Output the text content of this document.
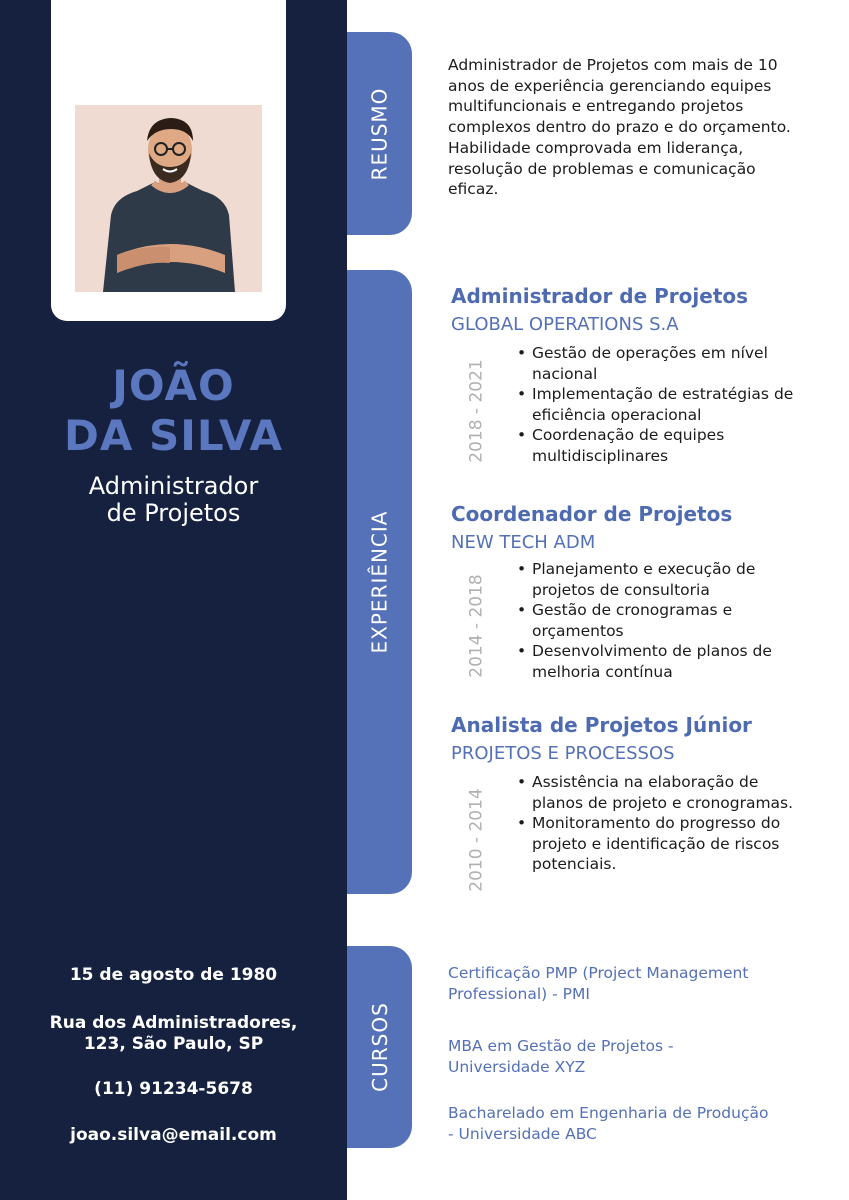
JOÃO
DA SILVA
Administrador
de Projetos
15 de agosto de 1980
Rua dos Administradores,
123, São Paulo, SP
(11) 91234-5678
joao.silva@email.com
REUSMO
EXPERIÊNCIA
CURSOS
Administrador de Projetos com mais de 10 anos de experiência gerenciando equipes multifuncionais e entregando projetos complexos dentro do prazo e do orçamento. Habilidade comprovada em liderança, resolução de problemas e comunicação eficaz.
Administrador de Projetos
GLOBAL OPERATIONS S.A
2018 - 2021
• Gestão de operações em nível nacional
• Implementação de estratégias de eficiência operacional
• Coordenação de equipes multidisciplinares
Coordenador de Projetos
NEW TECH ADM
2014 - 2018
• Planejamento e execução de projetos de consultoria
• Gestão de cronogramas e orçamentos
• Desenvolvimento de planos de melhoria contínua
Analista de Projetos Júnior
PROJETOS E PROCESSOS
2010 - 2014
• Assistência na elaboração de planos de projeto e cronogramas.
• Monitoramento do progresso do projeto e identificação de riscos potenciais.
Certificação PMP (Project Management Professional) - PMI
MBA em Gestão de Projetos - Universidade XYZ
Bacharelado em Engenharia de Produção - Universidade ABC
